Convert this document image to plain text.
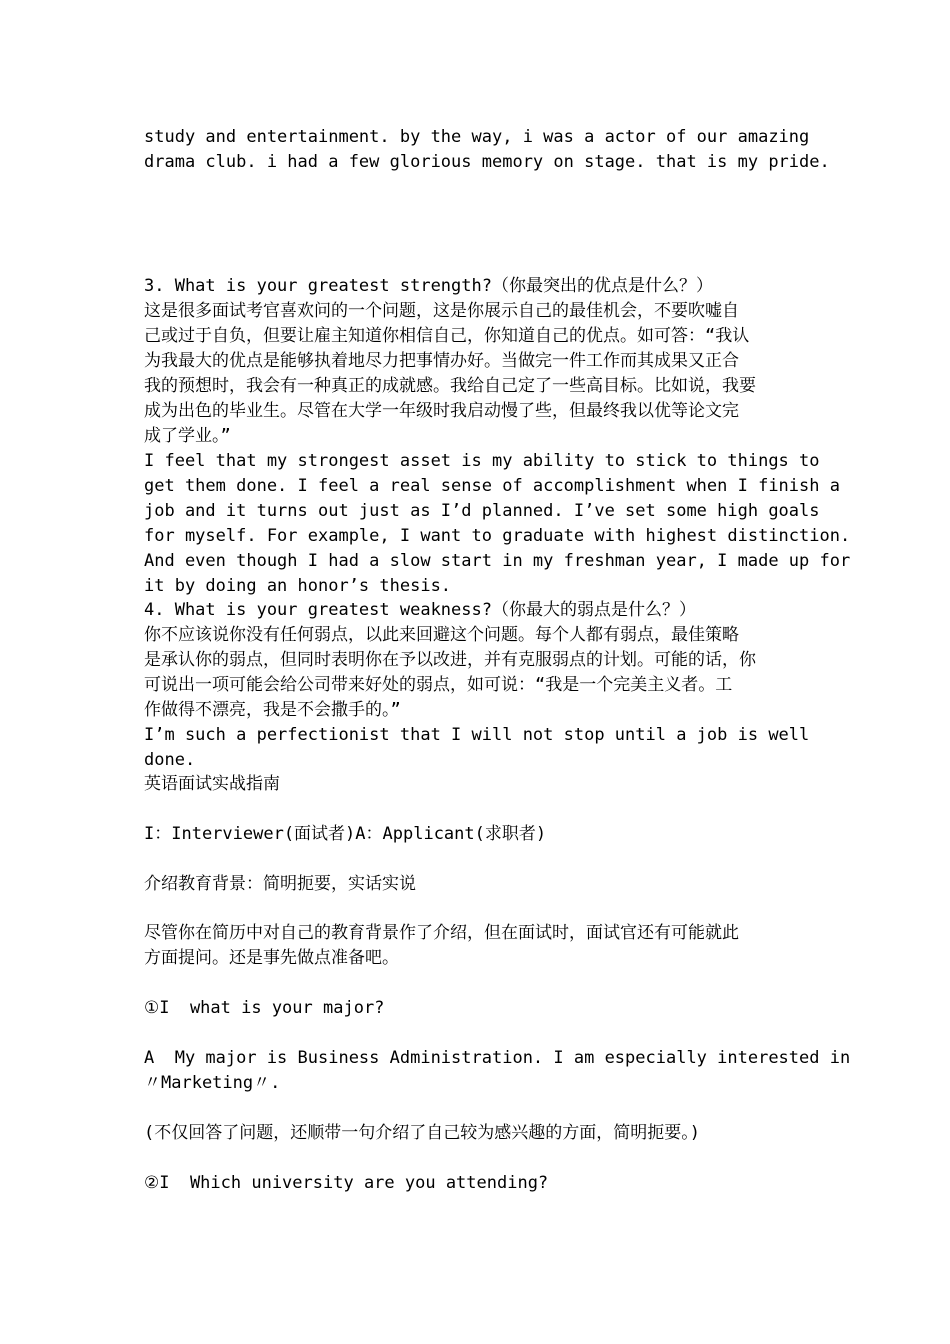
study and entertainment. by the way, i was a actor of our amazing
drama club. i had a few glorious memory on stage. that is my pride.
3. What is your greatest strength?（你最突出的优点是什么？）
这是很多面试考官喜欢问的一个问题，这是你展示自己的最佳机会，不要吹嘘自
己或过于自负，但要让雇主知道你相信自己，你知道自己的优点。如可答：“我认
为我最大的优点是能够执着地尽力把事情办好。当做完一件工作而其成果又正合
我的预想时，我会有一种真正的成就感。我给自己定了一些高目标。比如说，我要
成为出色的毕业生。尽管在大学一年级时我启动慢了些，但最终我以优等论文完
成了学业。”
I feel that my strongest asset is my ability to stick to things to
get them done. I feel a real sense of accomplishment when I finish a
job and it turns out just as I’d planned. I’ve set some high goals
for myself. For example, I want to graduate with highest distinction.
And even though I had a slow start in my freshman year, I made up for
it by doing an honor’s thesis.
4. What is your greatest weakness?（你最大的弱点是什么？）
你不应该说你没有任何弱点，以此来回避这个问题。每个人都有弱点，最佳策略
是承认你的弱点，但同时表明你在予以改进，并有克服弱点的计划。可能的话，你
可说出一项可能会给公司带来好处的弱点，如可说：“我是一个完美主义者。工
作做得不漂亮，我是不会撒手的。”
I’m such a perfectionist that I will not stop until a job is well
done.
英语面试实战指南
I：Interviewer(面试者)A：Applicant(求职者)
介绍教育背景：简明扼要，实话实说
尽管你在简历中对自己的教育背景作了介绍，但在面试时，面试官还有可能就此
方面提问。还是事先做点准备吧。
①I  what is your major?
A  My major is Business Administration. I am especially interested in
〃Marketing〃.
(不仅回答了问题，还顺带一句介绍了自己较为感兴趣的方面，简明扼要。)
②I  Which university are you attending?
